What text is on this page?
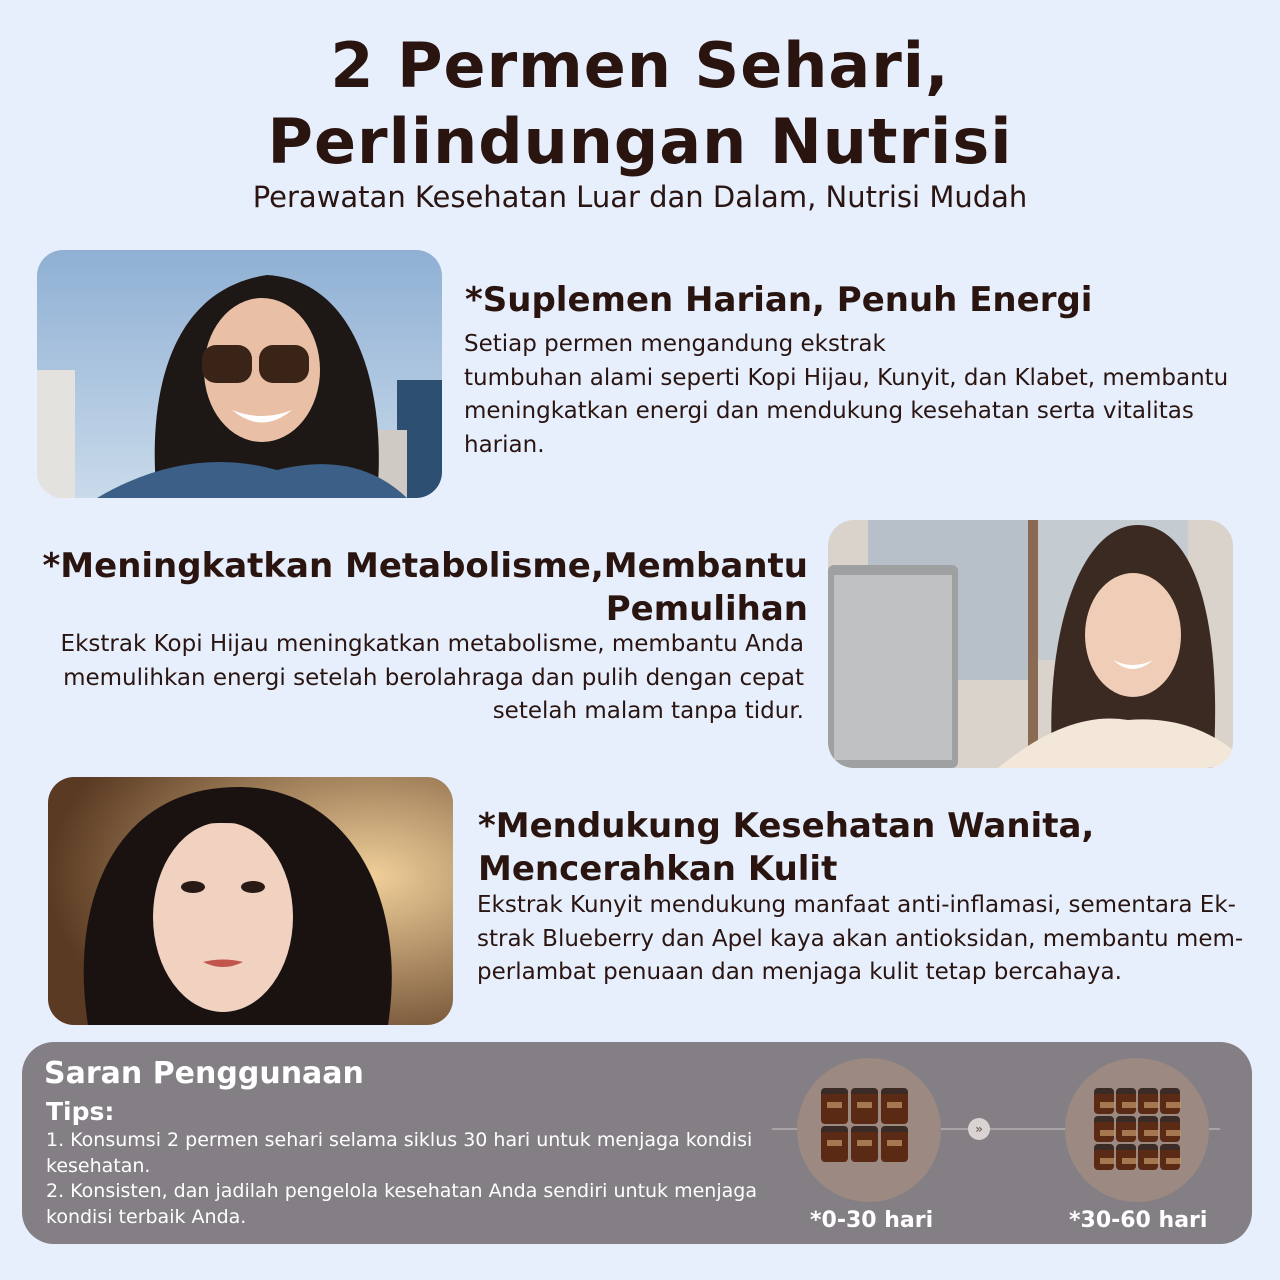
2 Permen Sehari,
Perlindungan Nutrisi
Perawatan Kesehatan Luar dan Dalam, Nutrisi Mudah
*Suplemen Harian, Penuh Energi
Setiap permen mengandung ekstrak
tumbuhan alami seperti Kopi Hijau, Kunyit, dan Klabet, membantu meningkatkan energi dan mendukung kesehatan serta vitalitas harian.
*Meningkatkan Metabolisme,Membantu
Pemulihan
Ekstrak Kopi Hijau meningkatkan metabolisme, membantu Anda memulihkan energi setelah berolahraga dan pulih dengan cepat setelah malam tanpa tidur.
*Mendukung Kesehatan Wanita,
Mencerahkan Kulit
Ekstrak Kunyit mendukung manfaat anti-inflamasi, sementara Ek-strak Blueberry dan Apel kaya akan antioksidan, membantu mem-perlambat penuaan dan menjaga kulit tetap bercahaya.
Saran Penggunaan
Tips:

1. Konsumsi 2 permen sehari selama siklus 30 hari untuk menjaga kondisi kesehatan.

2. Konsisten, dan jadilah pengelola kesehatan Anda sendiri untuk menjaga kondisi terbaik Anda.

»
*0-30 hari	*30-60 hari
